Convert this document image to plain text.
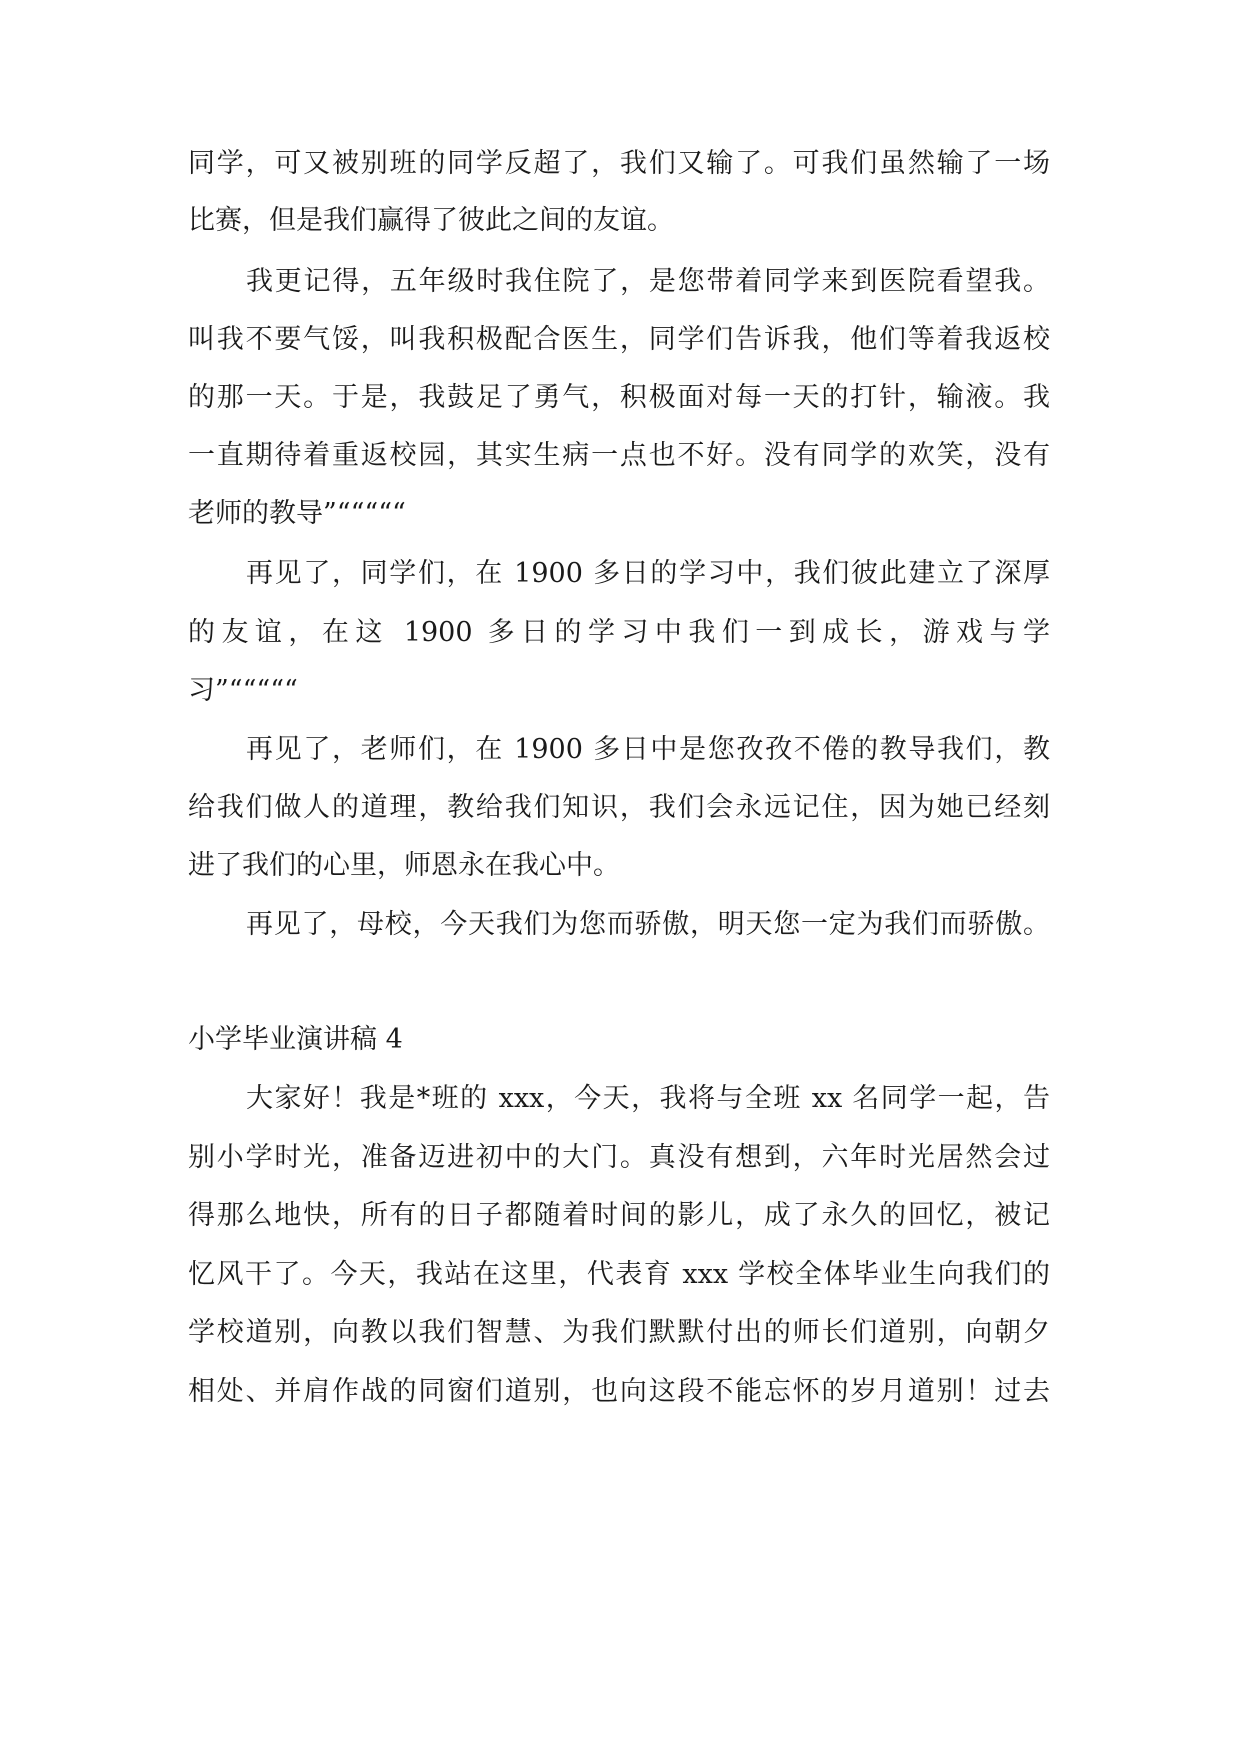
同学，可又被别班的同学反超了，我们又输了。可我们虽然输了一场

比赛，但是我们赢得了彼此之间的友谊。

我更记得，五年级时我住院了，是您带着同学来到医院看望我。

叫我不要气馁，叫我积极配合医生，同学们告诉我，他们等着我返校

的那一天。于是，我鼓足了勇气，积极面对每一天的打针，输液。我

一直期待着重返校园，其实生病一点也不好。没有同学的欢笑，没有

老师的教导”“““““

再见了，同学们，在 1900 多日的学习中，我们彼此建立了深厚

的友谊，在这 1900 多日的学习中我们一到成长，游戏与学

习”“““““

再见了，老师们，在 1900 多日中是您孜孜不倦的教导我们，教

给我们做人的道理，教给我们知识，我们会永远记住，因为她已经刻

进了我们的心里，师恩永在我心中。

再见了，母校，今天我们为您而骄傲，明天您一定为我们而骄傲。

小学毕业演讲稿 4

大家好！我是*班的 xxx，今天，我将与全班 xx 名同学一起，告

别小学时光，准备迈进初中的大门。真没有想到，六年时光居然会过

得那么地快，所有的日子都随着时间的影儿，成了永久的回忆，被记

忆风干了。今天，我站在这里，代表育 xxx 学校全体毕业生向我们的

学校道别，向教以我们智慧、为我们默默付出的师长们道别，向朝夕

相处、并肩作战的同窗们道别，也向这段不能忘怀的岁月道别！过去
